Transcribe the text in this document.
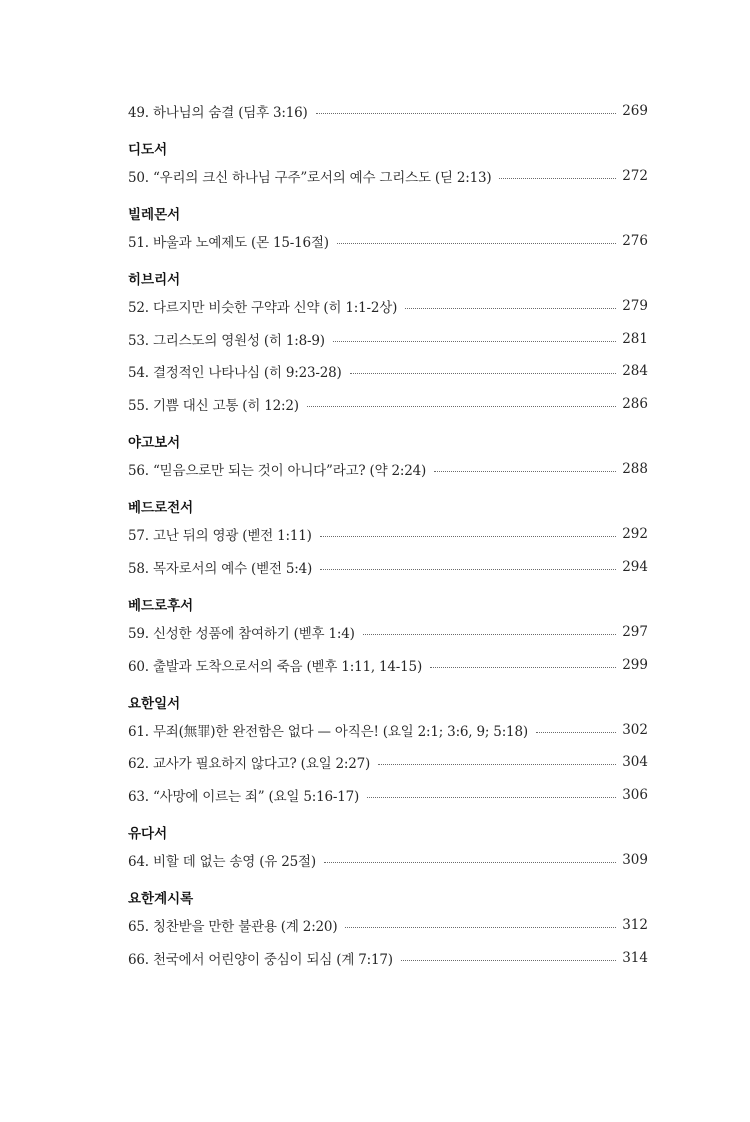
49. 하나님의 숨결 (딤후 3:16)	269
디도서
50. “우리의 크신 하나님 구주”로서의 예수 그리스도 (딛 2:13)	272
빌레몬서
51. 바울과 노예제도 (몬 15-16절)	276
히브리서
52. 다르지만 비슷한 구약과 신약 (히 1:1-2상)	279
53. 그리스도의 영원성 (히 1:8-9)	281
54. 결정적인 나타나심 (히 9:23-28)	284
55. 기쁨 대신 고통 (히 12:2)	286
야고보서
56. “믿음으로만 되는 것이 아니다”라고? (약 2:24)	288
베드로전서
57. 고난 뒤의 영광 (벧전 1:11)	292
58. 목자로서의 예수 (벧전 5:4)	294
베드로후서
59. 신성한 성품에 참여하기 (벧후 1:4)	297
60. 출발과 도착으로서의 죽음 (벧후 1:11, 14-15)	299
요한일서
61. 무죄(無罪)한 완전함은 없다 — 아직은! (요일 2:1; 3:6, 9; 5:18)	302
62. 교사가 필요하지 않다고? (요일 2:27)	304
63. “사망에 이르는 죄” (요일 5:16-17)	306
유다서
64. 비할 데 없는 송영 (유 25절)	309
요한계시록
65. 칭찬받을 만한 불관용 (계 2:20)	312
66. 천국에서 어린양이 중심이 되심 (계 7:17)	314
